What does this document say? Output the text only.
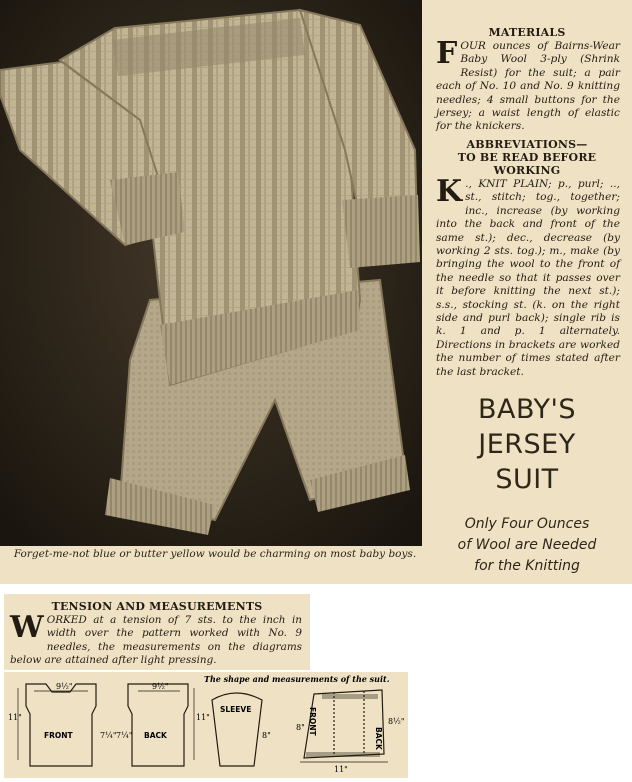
Forget-me-not blue or butter yellow would be charming on most baby boys.
MATERIALS
FOUR ounces of Bairns-Wear Baby Wool 3-ply (Shrink Resist) for the suit; a pair each of No. 10 and No. 9 knitting needles; 4 small buttons for the jersey; a waist length of elastic for the knickers.
ABBREVIATIONS—
TO BE READ BEFORE
WORKING
K ., KNIT PLAIN; p., purl; .., st., stitch; tog., together; inc., increase (by working into the back and front of the same st.); dec., decrease (by working 2 sts. tog.); m., make (by bringing the wool to the front of the needle so that it passes over it before knitting the next st.); s.s., stocking st. (k. on the right side and purl back); single rib is k. 1 and p. 1 alternately. Directions in brackets are worked the number of times stated after the last bracket.
BABY'S
JERSEY
SUIT
Only Four Ounces
of Wool are Needed
for the Knitting
TENSION AND MEASUREMENTS
WORKED at a tension of 7 sts. to the inch in width over the pattern worked with No. 9 needles, the measurements on the diagrams below are attained after light pressing.
The shape and measurements of the suit.
FRONT	BACK
SLEEVE	FRONT
BACK
9½"
11"
7¼"
9½"
11"
7¼"	8"
8"
8½"
11"
